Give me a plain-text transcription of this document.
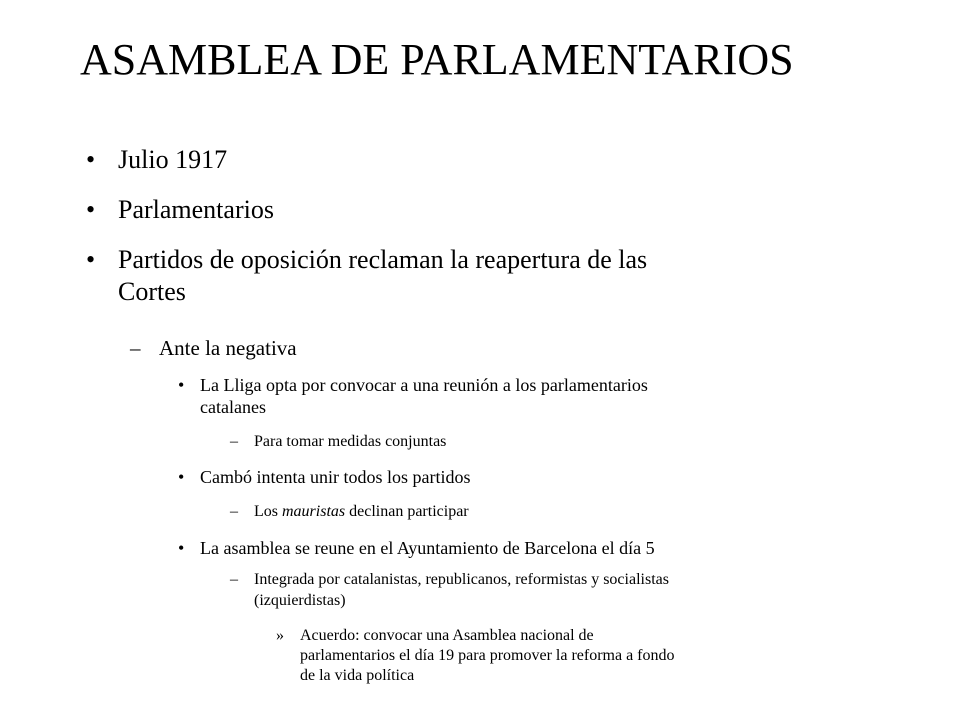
ASAMBLEA DE PARLAMENTARIOS
• Julio 1917
• Parlamentarios
• Partidos de oposición reclaman la reapertura de las
Cortes
– Ante la negativa
• La Lliga opta por convocar a una reunión a los parlamentarios
catalanes
– Para tomar medidas conjuntas
• Cambó intenta unir todos los partidos
– Los mauristas declinan participar
• La asamblea se reune en el Ayuntamiento de Barcelona el día 5
– Integrada por catalanistas, republicanos, reformistas y socialistas
(izquierdistas)
» Acuerdo: convocar una Asamblea nacional de
parlamentarios el día 19 para promover la reforma a fondo
de la vida política
